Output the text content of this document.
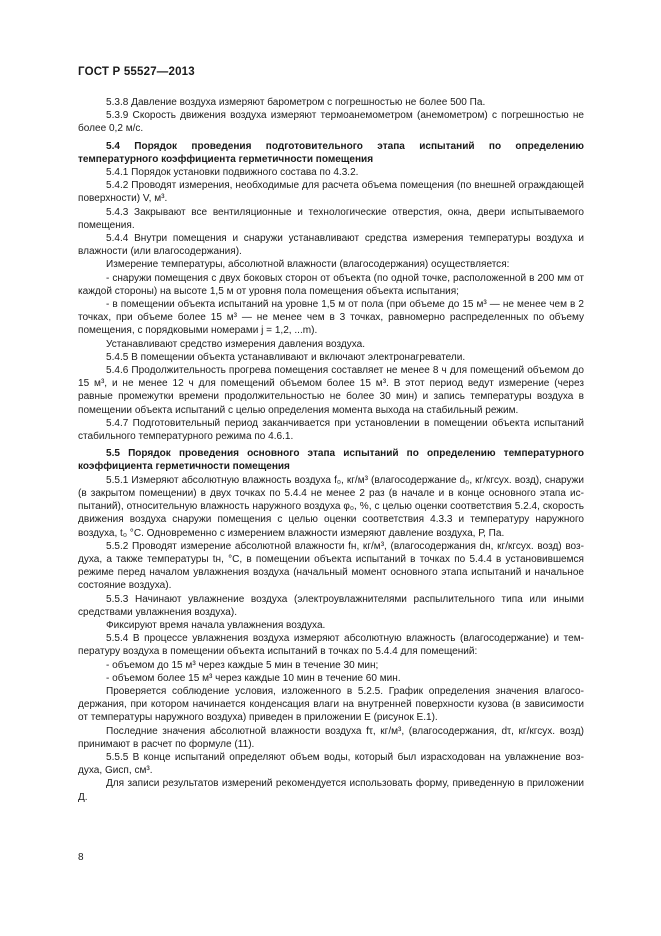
ГОСТ Р 55527—2013

5.3.8 Давление воздуха измеряют барометром с погрешностью не более 500 Па.

5.3.9 Скорость движения воздуха измеряют термоанемометром (анемометром) с погрешностью не более 0,2 м/с.

5.4 Порядок проведения подготовительного этапа испытаний по определению температурного коэффициента герметичности помещения

5.4.1 Порядок установки подвижного состава по 4.3.2.

5.4.2 Проводят измерения, необходимые для расчета объема помещения (по внешней ограждающей поверхности) V, м³.

5.4.3 Закрывают все вентиляционные и технологические отверстия, окна, двери испытываемого помещения.

5.4.4 Внутри помещения и снаружи устанавливают средства измерения температуры воздуха и влажности (или влагосодержания).

Измерение температуры, абсолютной влажности (влагосодержания) осуществляется:

- снаружи помещения с двух боковых сторон от объекта (по одной точке, расположенной в 200 мм от каждой стороны) на высоте 1,5 м от уровня пола помещения объекта испытания;

- в помещении объекта испытаний на уровне 1,5 м от пола (при объеме до 15 м³ — не менее чем в 2 точках, при объеме более 15 м³ — не менее чем в 3 точках, равномерно распределенных по объему помещения, с порядковыми номерами j = 1,2, ...m).

Устанавливают средство измерения давления воздуха.

5.4.5 В помещении объекта устанавливают и включают электронагреватели.

5.4.6 Продолжительность прогрева помещения составляет не менее 8 ч для помещений объемом до 15 м³, и не менее 12 ч для помещений объемом более 15 м³. В этот период ведут измерение (через равные промежутки времени продолжительностью не более 30 мин) и запись температуры воздуха в помещении объекта испытаний с целью определения момента выхода на стабильный режим.

5.4.7 Подготовительный период заканчивается при установлении в помещении объекта испытаний стабильного температурного режима по 4.6.1.

5.5 Порядок проведения основного этапа испытаний по определению температурного коэффициента герметичности помещения

5.5.1 Измеряют абсолютную влажность воздуха f₀, кг/м³ (влагосодержание d₀, кг/кгсух. возд), снаружи (в закрытом помещении) в двух точках по 5.4.4 не менее 2 раз (в начале и в конце основного этапа испытаний), относительную влажность наружного воздуха φ₀, %, с целью оценки соответствия 5.2.4, скорость движения воздуха снаружи помещения с целью оценки соответствия 4.3.3 и температуру наружного воздуха, t₀ °С. Одновременно с измерением влажности измеряют давление воздуха, Р, Па.

5.5.2 Проводят измерение абсолютной влажности fн, кг/м³, (влагосодержания dн, кг/кгсух. возд) воздуха, а также температуры tн, °С, в помещении объекта испытаний в точках по 5.4.4 в установившемся режиме перед началом увлажнения воздуха (начальный момент основного этапа испытаний и начальное состояние воздуха).

5.5.3 Начинают увлажнение воздуха (электроувлажнителями распылительного типа или иными средствами увлажнения воздуха).

Фиксируют время начала увлажнения воздуха.

5.5.4 В процессе увлажнения воздуха измеряют абсолютную влажность (влагосодержание) и температуру воздуха в помещении объекта испытаний в точках по 5.4.4 для помещений:

- объемом до 15 м³ через каждые 5 мин в течение 30 мин;

- объемом более 15 м³ через каждые 10 мин в течение 60 мин.

Проверяется соблюдение условия, изложенного в 5.2.5. График определения значения влагосодержания, при котором начинается конденсация влаги на внутренней поверхности кузова (в зависимости от температуры наружного воздуха) приведен в приложении Е (рисунок Е.1).

Последние значения абсолютной влажности воздуха fτ, кг/м³, (влагосодержания, dτ, кг/кгсух. возд) принимают в расчет по формуле (11).

5.5.5 В конце испытаний определяют объем воды, который был израсходован на увлажнение воздуха, Gисп, см³.

Для записи результатов измерений рекомендуется использовать форму, приведенную в приложении Д.

8
